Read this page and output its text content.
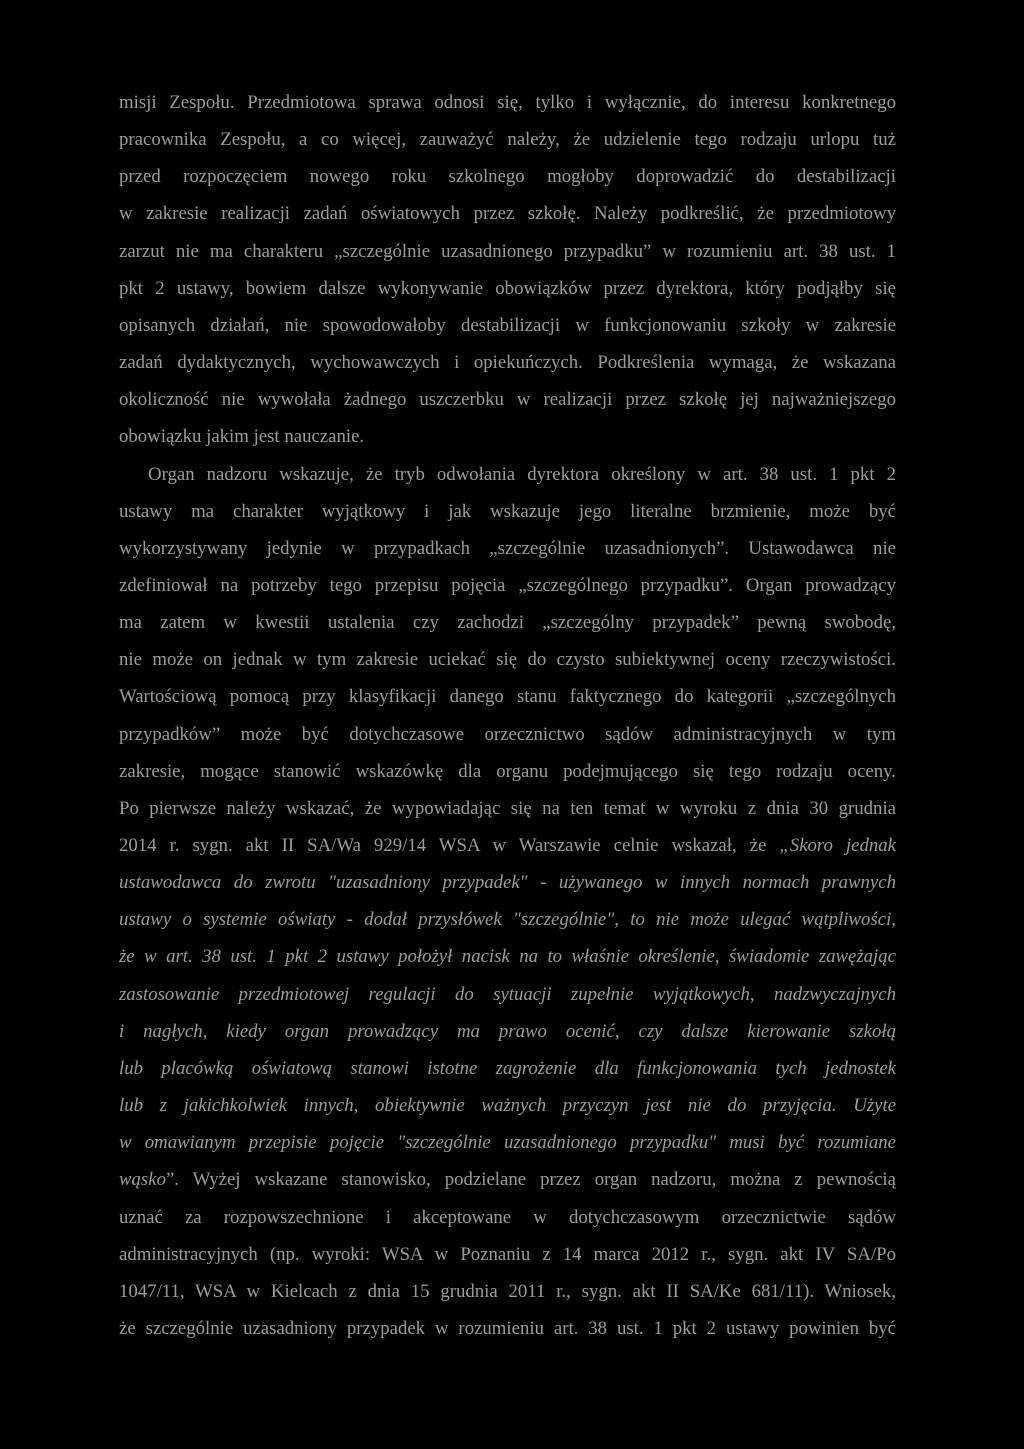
misji Zespołu. Przedmiotowa sprawa odnosi się, tylko i wyłącznie, do interesu konkretnego
pracownika Zespołu, a co więcej, zauważyć należy, że udzielenie tego rodzaju urlopu tuż
przed rozpoczęciem nowego roku szkolnego mogłoby doprowadzić do destabilizacji
w zakresie realizacji zadań oświatowych przez szkołę. Należy podkreślić, że przedmiotowy
zarzut nie ma charakteru „szczególnie uzasadnionego przypadku” w rozumieniu art. 38 ust. 1
pkt 2 ustawy, bowiem dalsze wykonywanie obowiązków przez dyrektora, który podjąłby się
opisanych działań, nie spowodowałoby destabilizacji w funkcjonowaniu szkoły w zakresie
zadań dydaktycznych, wychowawczych i opiekuńczych. Podkreślenia wymaga, że wskazana
okoliczność nie wywołała żadnego uszczerbku w realizacji przez szkołę jej najważniejszego
obowiązku jakim jest nauczanie.
Organ nadzoru wskazuje, że tryb odwołania dyrektora określony w art. 38 ust. 1 pkt 2
ustawy ma charakter wyjątkowy i jak wskazuje jego literalne brzmienie, może być
wykorzystywany jedynie w przypadkach „szczególnie uzasadnionych”. Ustawodawca nie
zdefiniował na potrzeby tego przepisu pojęcia „szczególnego przypadku”. Organ prowadzący
ma zatem w kwestii ustalenia czy zachodzi „szczególny przypadek” pewną swobodę,
nie może on jednak w tym zakresie uciekać się do czysto subiektywnej oceny rzeczywistości.
Wartościową pomocą przy klasyfikacji danego stanu faktycznego do kategorii „szczególnych
przypadków” może być dotychczasowe orzecznictwo sądów administracyjnych w tym
zakresie, mogące stanowić wskazówkę dla organu podejmującego się tego rodzaju oceny.
Po pierwsze należy wskazać, że wypowiadając się na ten temat w wyroku z dnia 30 grudnia
2014 r. sygn. akt II SA/Wa 929/14 WSA w Warszawie celnie wskazał, że „Skoro jednak
ustawodawca do zwrotu "uzasadniony przypadek" - używanego w innych normach prawnych
ustawy o systemie oświaty - dodał przysłówek "szczególnie", to nie może ulegać wątpliwości,
że w art. 38 ust. 1 pkt 2 ustawy położył nacisk na to właśnie określenie, świadomie zawężając
zastosowanie przedmiotowej regulacji do sytuacji zupełnie wyjątkowych, nadzwyczajnych
i nagłych, kiedy organ prowadzący ma prawo ocenić, czy dalsze kierowanie szkołą
lub placówką oświatową stanowi istotne zagrożenie dla funkcjonowania tych jednostek
lub z jakichkolwiek innych, obiektywnie ważnych przyczyn jest nie do przyjęcia. Użyte
w omawianym przepisie pojęcie "szczególnie uzasadnionego przypadku" musi być rozumiane
wąsko”. Wyżej wskazane stanowisko, podzielane przez organ nadzoru, można z pewnością
uznać za rozpowszechnione i akceptowane w dotychczasowym orzecznictwie sądów
administracyjnych (np. wyroki: WSA w Poznaniu z 14 marca 2012 r., sygn. akt IV SA/Po
1047/11, WSA w Kielcach z dnia 15 grudnia 2011 r., sygn. akt II SA/Ke 681/11). Wniosek,
że szczególnie uzasadniony przypadek w rozumieniu art. 38 ust. 1 pkt 2 ustawy powinien być
